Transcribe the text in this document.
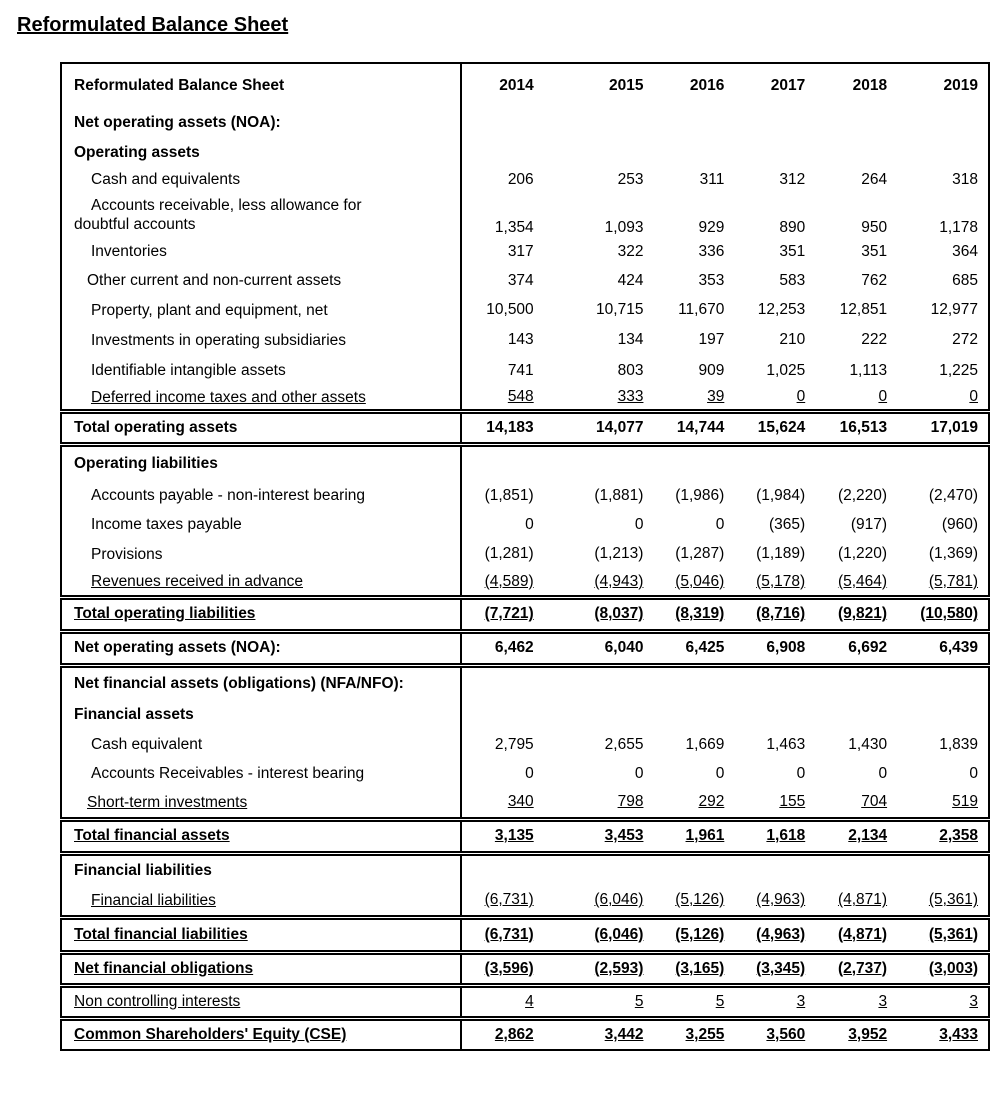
Reformulated Balance Sheet
Reformulated Balance Sheet	2014	2015	2016	2017	2018	2019
Net operating assets (NOA):						
Operating assets						
Cash and equivalents	206	253	311	312	264	318
Accounts receivable, less allowance for doubtful accounts	1,354	1,093	929	890	950	1,178
Inventories	317	322	336	351	351	364
Other current and non-current assets	374	424	353	583	762	685
Property, plant and equipment, net	10,500	10,715	11,670	12,253	12,851	12,977
Investments in operating subsidiaries	143	134	197	210	222	272
Identifiable intangible assets	741	803	909	1,025	1,113	1,225
Deferred income taxes and other assets	548	333	39	0	0	0
Total operating assets	14,183	14,077	14,744	15,624	16,513	17,019
Operating liabilities						
Accounts payable - non-interest bearing	(1,851)	(1,881)	(1,986)	(1,984)	(2,220)	(2,470)
Income taxes payable	0	0	0	(365)	(917)	(960)
Provisions	(1,281)	(1,213)	(1,287)	(1,189)	(1,220)	(1,369)
Revenues received in advance	(4,589)	(4,943)	(5,046)	(5,178)	(5,464)	(5,781)
Total operating liabilities	(7,721)	(8,037)	(8,319)	(8,716)	(9,821)	(10,580)
Net operating assets (NOA):	6,462	6,040	6,425	6,908	6,692	6,439
Net financial assets (obligations) (NFA/NFO):						
Financial assets						
Cash equivalent	2,795	2,655	1,669	1,463	1,430	1,839
Accounts Receivables - interest bearing	0	0	0	0	0	0
Short-term investments	340	798	292	155	704	519
Total financial assets	3,135	3,453	1,961	1,618	2,134	2,358
Financial liabilities						
Financial liabilities	(6,731)	(6,046)	(5,126)	(4,963)	(4,871)	(5,361)
Total financial liabilities	(6,731)	(6,046)	(5,126)	(4,963)	(4,871)	(5,361)
Net financial obligations	(3,596)	(2,593)	(3,165)	(3,345)	(2,737)	(3,003)
Non controlling interests	4	5	5	3	3	3
Common Shareholders' Equity (CSE)	2,862	3,442	3,255	3,560	3,952	3,433
